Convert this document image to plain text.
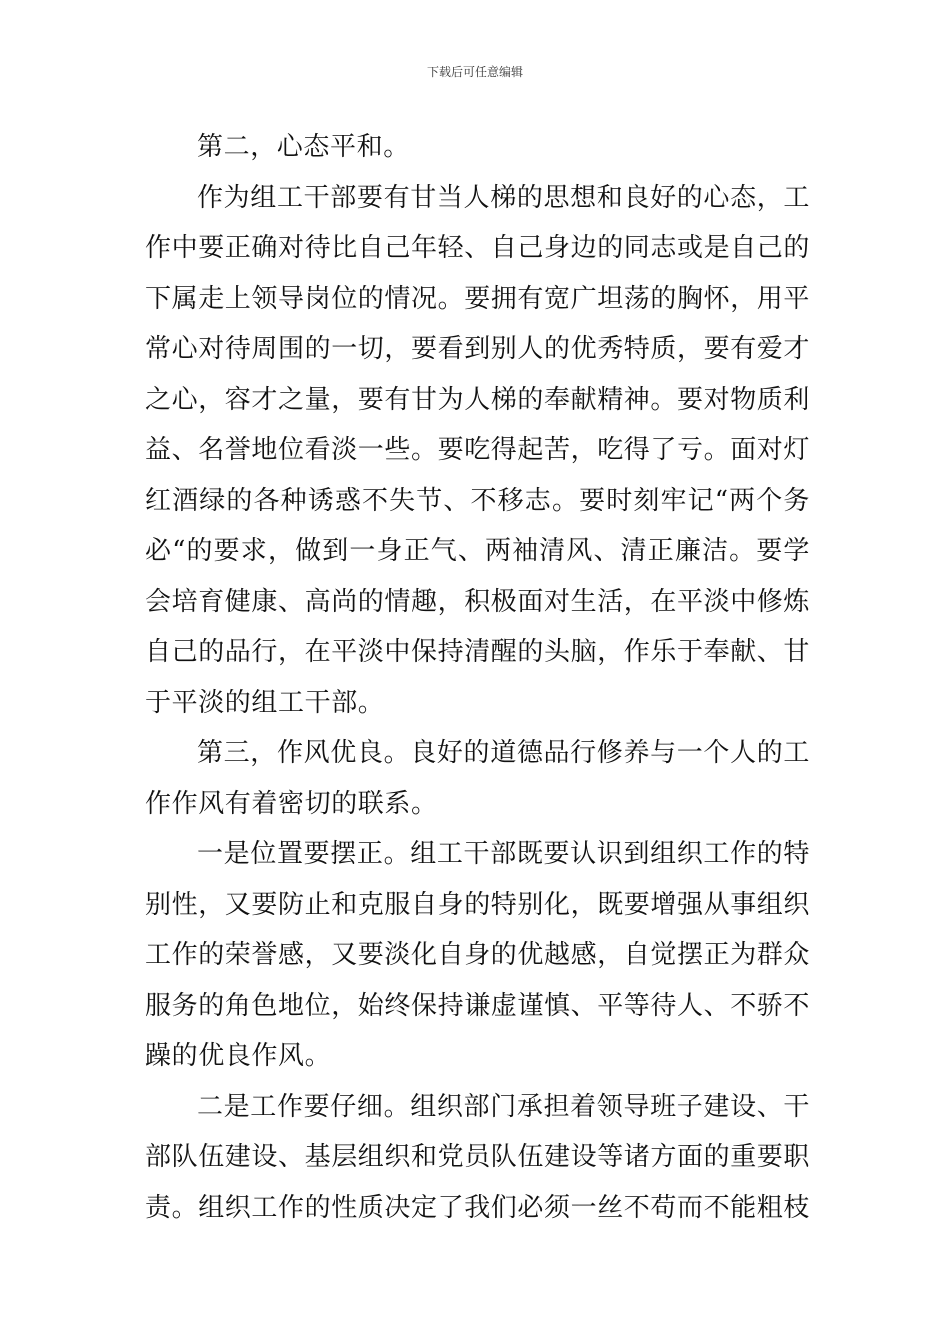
下载后可任意编辑

第二，心态平和。

作为组工干部要有甘当人梯的思想和良好的心态，工作中要正确对待比自己年轻、自己身边的同志或是自己的下属走上领导岗位的情况。要拥有宽广坦荡的胸怀，用平常心对待周围的一切，要看到别人的优秀特质，要有爱才之心，容才之量，要有甘为人梯的奉献精神。要对物质利益、名誉地位看淡一些。要吃得起苦，吃得了亏。面对灯红酒绿的各种诱惑不失节、不移志。要时刻牢记“两个务必“的要求，做到一身正气、两袖清风、清正廉洁。要学会培育健康、高尚的情趣，积极面对生活，在平淡中修炼自己的品行，在平淡中保持清醒的头脑，作乐于奉献、甘于平淡的组工干部。

第三，作风优良。良好的道德品行修养与一个人的工作作风有着密切的联系。

一是位置要摆正。组工干部既要认识到组织工作的特别性，又要防止和克服自身的特别化，既要增强从事组织工作的荣誉感，又要淡化自身的优越感，自觉摆正为群众服务的角色地位，始终保持谦虚谨慎、平等待人、不骄不躁的优良作风。

二是工作要仔细。组织部门承担着领导班子建设、干部队伍建设、基层组织和党员队伍建设等诸方面的重要职责。组织工作的性质决定了我们必须一丝不苟而不能粗枝
